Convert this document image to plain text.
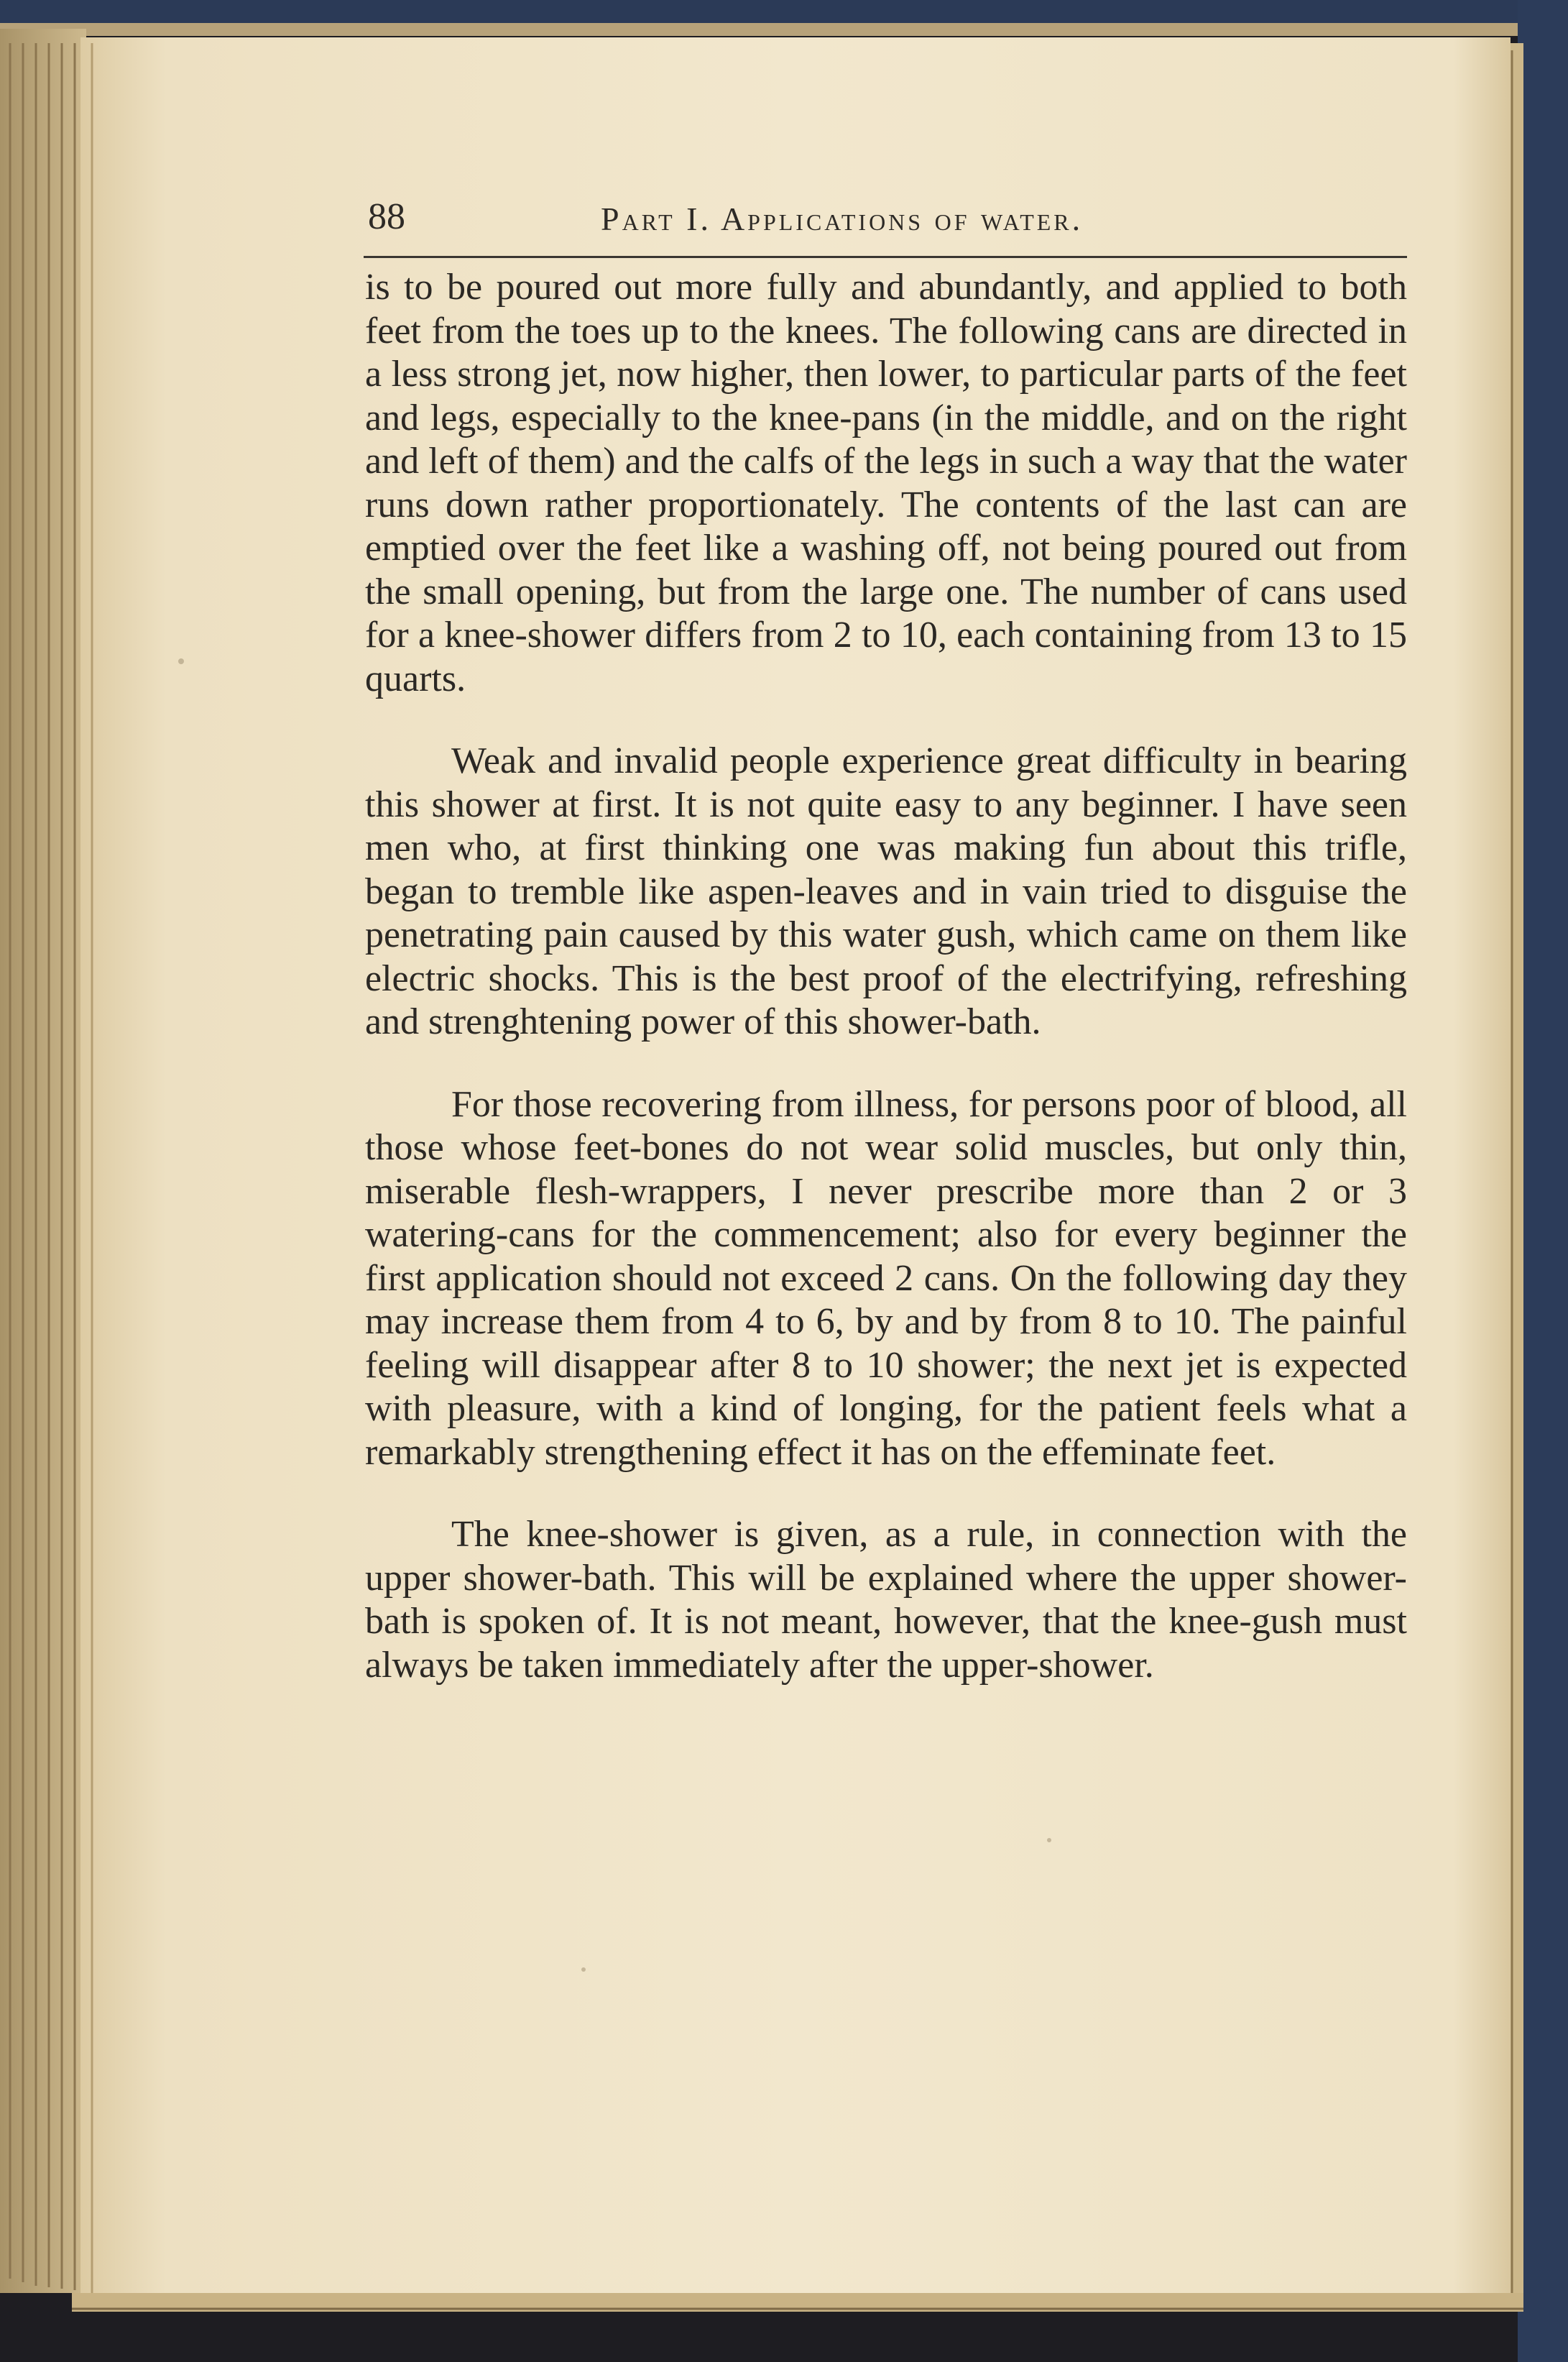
88	Part I. Applications of water.

is to be poured out more fully and abundantly, and applied to both feet from the toes up to the knees. The following cans are directed in a less strong jet, now higher, then lower, to particular parts of the feet and legs, especially to the knee-pans (in the middle, and on the right and left of them) and the calfs of the legs in such a way that the water runs down rather proportionately. The contents of the last can are emptied over the feet like a washing off, not being poured out from the small opening, but from the large one. The number of cans used for a knee-shower differs from 2 to 10, each containing from 13 to 15 quarts.

Weak and invalid people experience great difficulty in bearing this shower at first. It is not quite easy to any beginner. I have seen men who, at first thinking one was making fun about this trifle, began to tremble like aspen-leaves and in vain tried to disguise the penetrating pain caused by this water gush, which came on them like electric shocks. This is the best proof of the electrifying, refreshing and strenghtening power of this shower-bath.

For those recovering from illness, for persons poor of blood, all those whose feet-bones do not wear solid muscles, but only thin, miserable flesh-wrappers, I never prescribe more than 2 or 3 watering-cans for the commencement; also for every beginner the first application should not exceed 2 cans. On the following day they may increase them from 4 to 6, by and by from 8 to 10. The painful feeling will disappear after 8 to 10 shower; the next jet is expected with pleasure, with a kind of longing, for the patient feels what a remarkably strengthening effect it has on the effeminate feet.

The knee-shower is given, as a rule, in connection with the upper shower-bath. This will be explained where the upper shower-bath is spoken of. It is not meant, however, that the knee-gush must always be taken immediately after the upper-shower.
